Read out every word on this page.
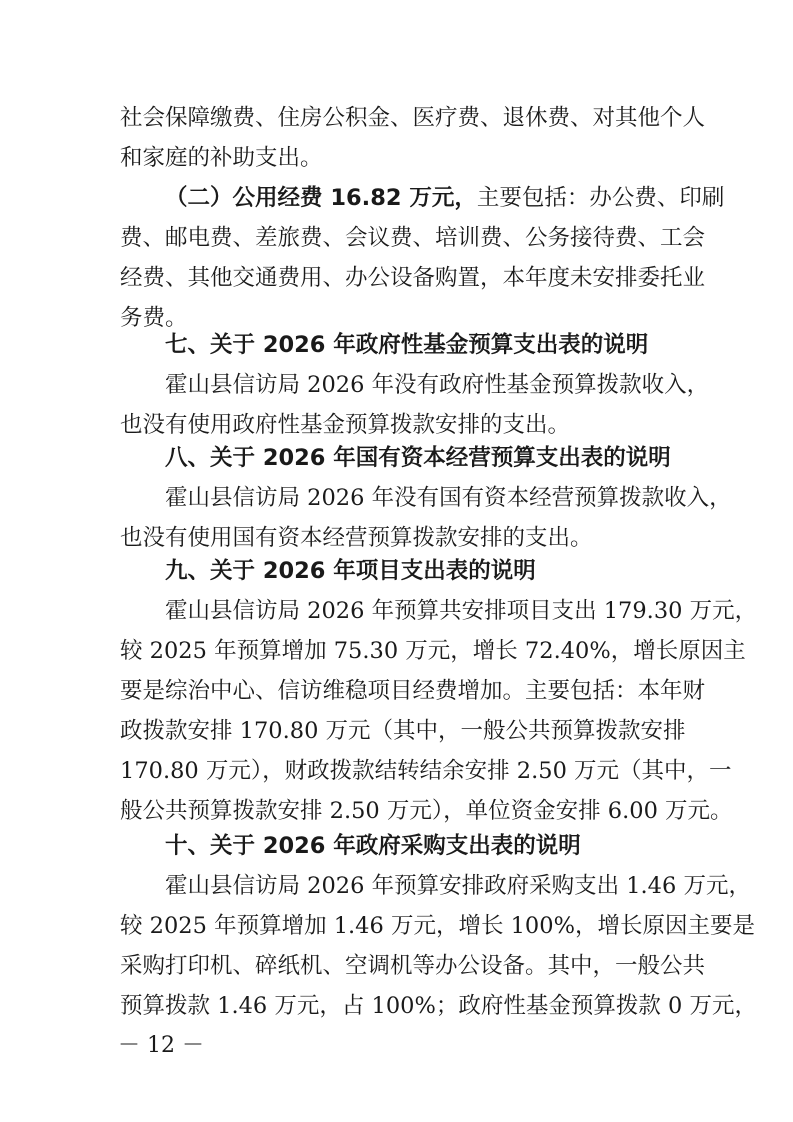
社会保障缴费、住房公积金、医疗费、退休费、对其他个人
和家庭的补助支出。
（二）公用经费 16.82 万元，主要包括：办公费、印刷
费、邮电费、差旅费、会议费、培训费、公务接待费、工会
经费、其他交通费用、办公设备购置，本年度未安排委托业
务费。
七、关于 2026 年政府性基金预算支出表的说明
霍山县信访局 2026 年没有政府性基金预算拨款收入，
也没有使用政府性基金预算拨款安排的支出。
八、关于 2026 年国有资本经营预算支出表的说明
霍山县信访局 2026 年没有国有资本经营预算拨款收入，
也没有使用国有资本经营预算拨款安排的支出。
九、关于 2026 年项目支出表的说明
霍山县信访局 2026 年预算共安排项目支出 179.30 万元，
较 2025 年预算增加 75.30 万元，增长 72.40%，增长原因主
要是综治中心、信访维稳项目经费增加。主要包括：本年财
政拨款安排 170.80 万元（其中，一般公共预算拨款安排
170.80 万元），财政拨款结转结余安排 2.50 万元（其中，一
般公共预算拨款安排 2.50 万元），单位资金安排 6.00 万元。
十、关于 2026 年政府采购支出表的说明
霍山县信访局 2026 年预算安排政府采购支出 1.46 万元，
较 2025 年预算增加 1.46 万元，增长 100%，增长原因主要是
采购打印机、碎纸机、空调机等办公设备。其中，一般公共
预算拨款 1.46 万元，占 100%；政府性基金预算拨款 0 万元，
－ 12 －
